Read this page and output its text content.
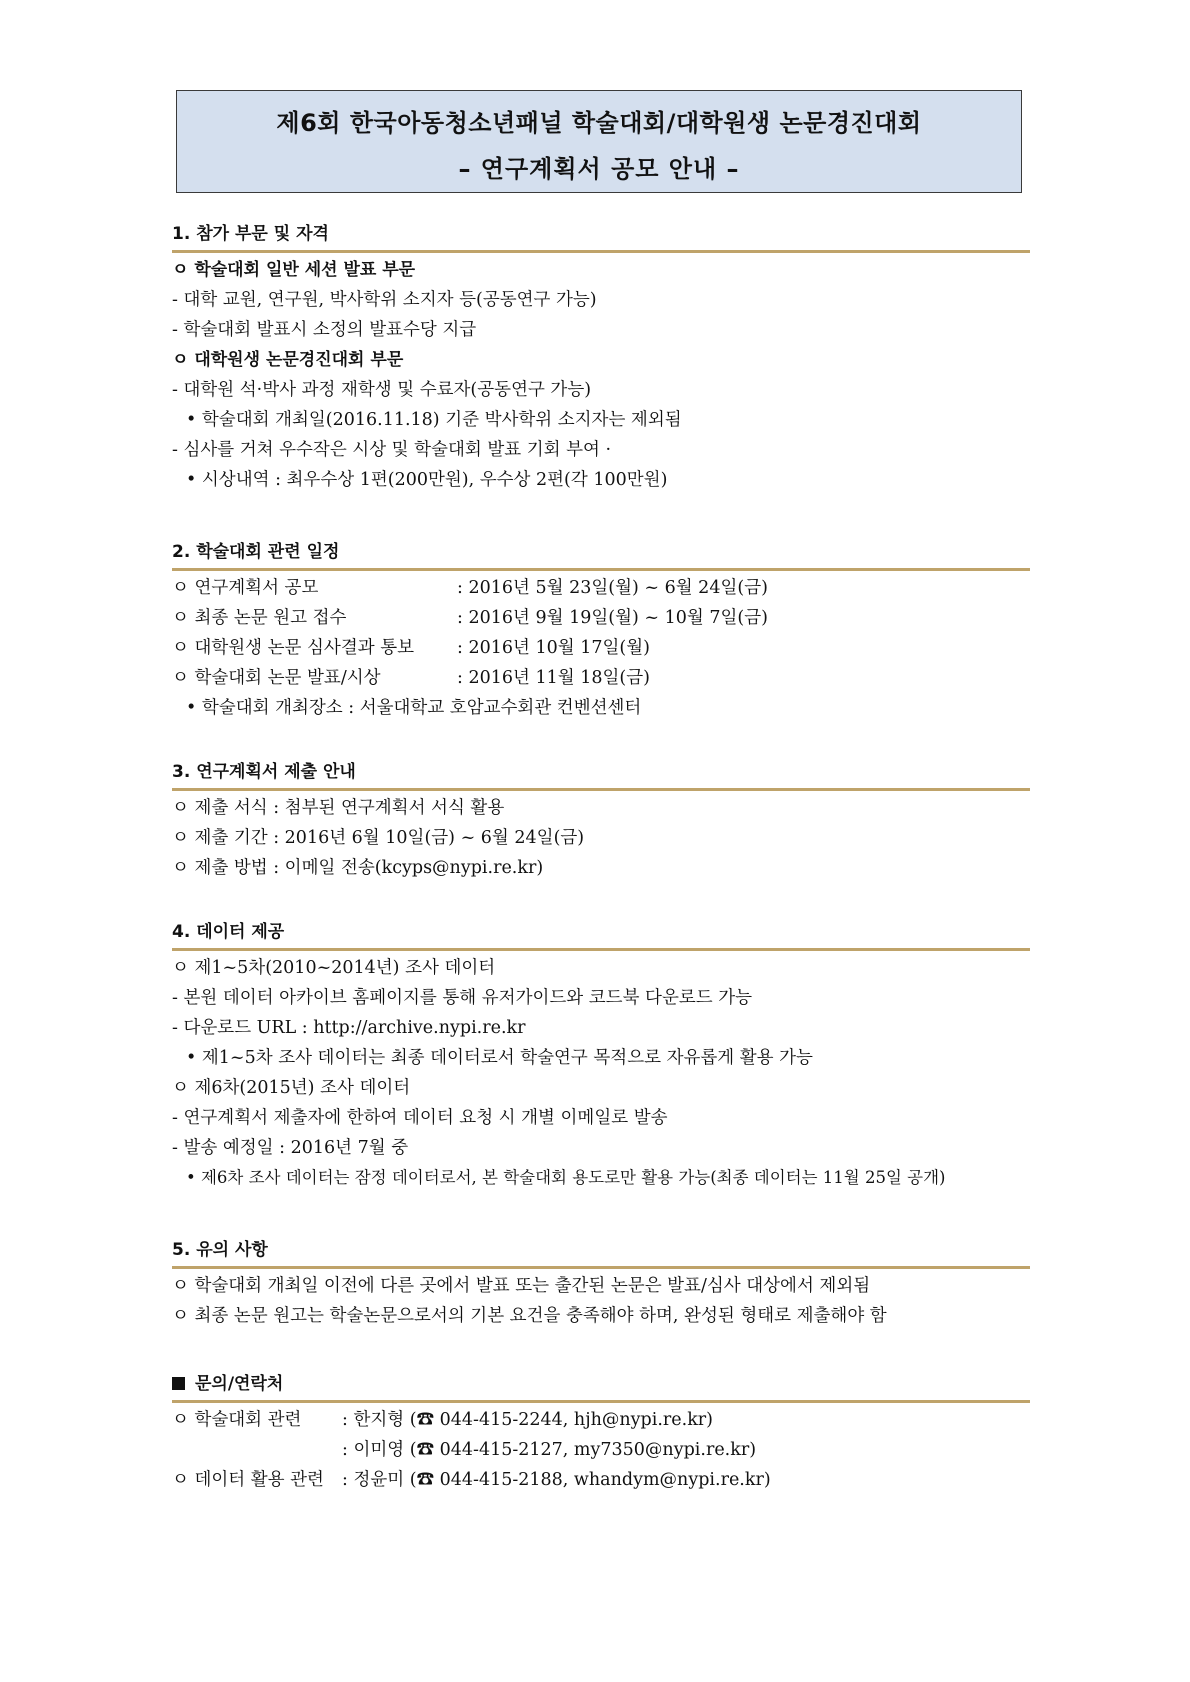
제6회 한국아동청소년패널 학술대회/대학원생 논문경진대회
– 연구계획서 공모 안내 –
1. 참가 부문 및 자격
ㅇ 학술대회 일반 세션 발표 부문
- 대학 교원, 연구원, 박사학위 소지자 등(공동연구 가능)
- 학술대회 발표시 소정의 발표수당 지급
ㅇ 대학원생 논문경진대회 부문
- 대학원 석·박사 과정 재학생 및 수료자(공동연구 가능)
• 학술대회 개최일(2016.11.18) 기준 박사학위 소지자는 제외됨
- 심사를 거쳐 우수작은 시상 및 학술대회 발표 기회 부여 ·
• 시상내역 : 최우수상 1편(200만원), 우수상 2편(각 100만원)
2. 학술대회 관련 일정
ㅇ 연구계획서 공모	: 2016년 5월 23일(월) ~ 6월 24일(금)
ㅇ 최종 논문 원고 접수	: 2016년 9월 19일(월) ~ 10월 7일(금)
ㅇ 대학원생 논문 심사결과 통보 : 2016년 10월 17일(월)
ㅇ 학술대회 논문 발표/시상	: 2016년 11월 18일(금)
• 학술대회 개최장소 : 서울대학교 호암교수회관 컨벤션센터
3. 연구계획서 제출 안내
ㅇ 제출 서식 : 첨부된 연구계획서 서식 활용
ㅇ 제출 기간 : 2016년 6월 10일(금) ~ 6월 24일(금)
ㅇ 제출 방법 : 이메일 전송(kcyps@nypi.re.kr)
4. 데이터 제공
ㅇ 제1~5차(2010~2014년) 조사 데이터
- 본원 데이터 아카이브 홈페이지를 통해 유저가이드와 코드북 다운로드 가능
- 다운로드 URL : http://archive.nypi.re.kr
• 제1~5차 조사 데이터는 최종 데이터로서 학술연구 목적으로 자유롭게 활용 가능
ㅇ 제6차(2015년) 조사 데이터
- 연구계획서 제출자에 한하여 데이터 요청 시 개별 이메일로 발송
- 발송 예정일 : 2016년 7월 중
• 제6차 조사 데이터는 잠정 데이터로서, 본 학술대회 용도로만 활용 가능(최종 데이터는 11월 25일 공개)
5. 유의 사항
ㅇ 학술대회 개최일 이전에 다른 곳에서 발표 또는 출간된 논문은 발표/심사 대상에서 제외됨
ㅇ 최종 논문 원고는 학술논문으로서의 기본 요건을 충족해야 하며, 완성된 형태로 제출해야 함
문의/연락처
ㅇ 학술대회 관련 : 한지형 (☎ 044-415-2244, hjh@nypi.re.kr)
: 이미영 (☎ 044-415-2127, my7350@nypi.re.kr)
ㅇ 데이터 활용 관련 : 정윤미 (☎ 044-415-2188, whandym@nypi.re.kr)
